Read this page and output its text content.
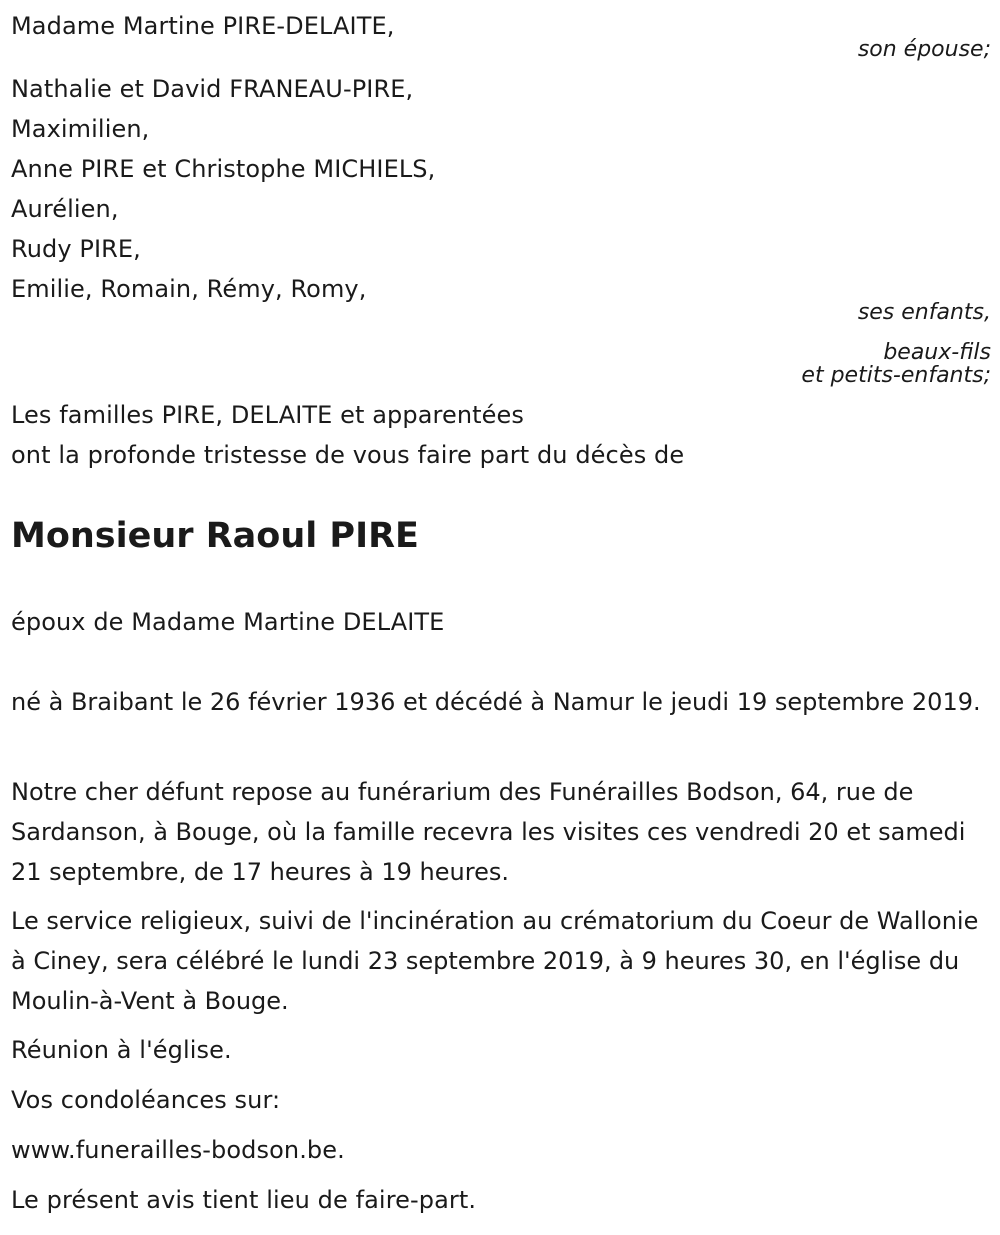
Madame Martine PIRE-DELAITE,
son épouse;
Nathalie et David FRANEAU-PIRE,
Maximilien,
Anne PIRE et Christophe MICHIELS,
Aurélien,
Rudy PIRE,
Emilie, Romain, Rémy, Romy,
ses enfants,
beaux-fils
et petits-enfants;
Les familles PIRE, DELAITE et apparentées
ont la profonde tristesse de vous faire part du décès de
Monsieur Raoul PIRE
époux de Madame Martine DELAITE
né à Braibant le 26 février 1936 et décédé à Namur le jeudi 19 septembre 2019.
Notre cher défunt repose au funérarium des Funérailles Bodson, 64, rue de Sardanson, à Bouge, où la famille recevra les visites ces vendredi 20 et samedi 21 septembre, de 17 heures à 19 heures.
Le service religieux, suivi de l'incinération au crématorium du Coeur de Wallonie à Ciney, sera célébré le lundi 23 septembre 2019, à 9 heures 30, en l'église du Moulin-à-Vent à Bouge.
Réunion à l'église.
Vos condoléances sur:
www.funerailles-bodson.be.
Le présent avis tient lieu de faire-part.
